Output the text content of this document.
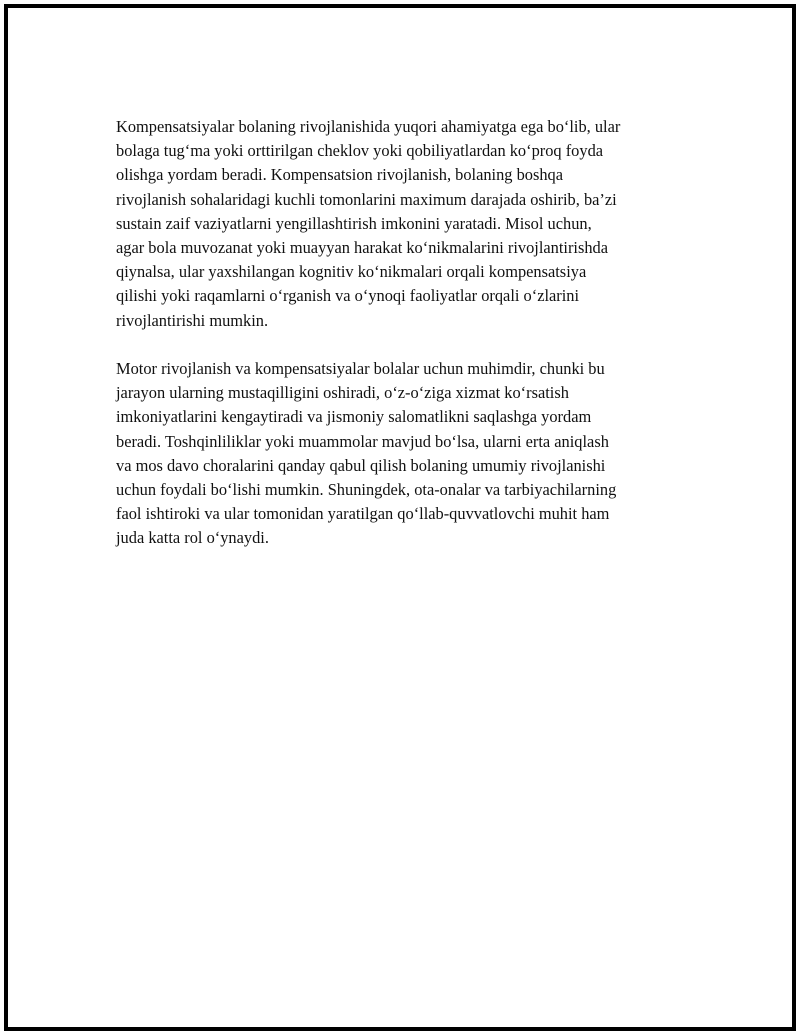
Kompensatsiyalar bolaning rivojlanishida yuqori ahamiyatga ega bo‘lib, ular
bolaga tug‘ma yoki orttirilgan cheklov yoki qobiliyatlardan ko‘proq foyda
olishga yordam beradi. Kompensatsion rivojlanish, bolaning boshqa
rivojlanish sohalaridagi kuchli tomonlarini maximum darajada oshirib, ba’zi
sustain zaif vaziyatlarni yengillashtirish imkonini yaratadi. Misol uchun,
agar bola muvozanat yoki muayyan harakat ko‘nikmalarini rivojlantirishda
qiynalsa, ular yaxshilangan kognitiv ko‘nikmalari orqali kompensatsiya
qilishi yoki raqamlarni o‘rganish va o‘ynoqi faoliyatlar orqali o‘zlarini
rivojlantirishi mumkin.

Motor rivojlanish va kompensatsiyalar bolalar uchun muhimdir, chunki bu
jarayon ularning mustaqilligini oshiradi, o‘z-o‘ziga xizmat ko‘rsatish
imkoniyatlarini kengaytiradi va jismoniy salomatlikni saqlashga yordam
beradi. Toshqinliliklar yoki muammolar mavjud bo‘lsa, ularni erta aniqlash
va mos davo choralarini qanday qabul qilish bolaning umumiy rivojlanishi
uchun foydali bo‘lishi mumkin. Shuningdek, ota-onalar va tarbiyachilarning
faol ishtiroki va ular tomonidan yaratilgan qo‘llab-quvvatlovchi muhit ham
juda katta rol o‘ynaydi.
